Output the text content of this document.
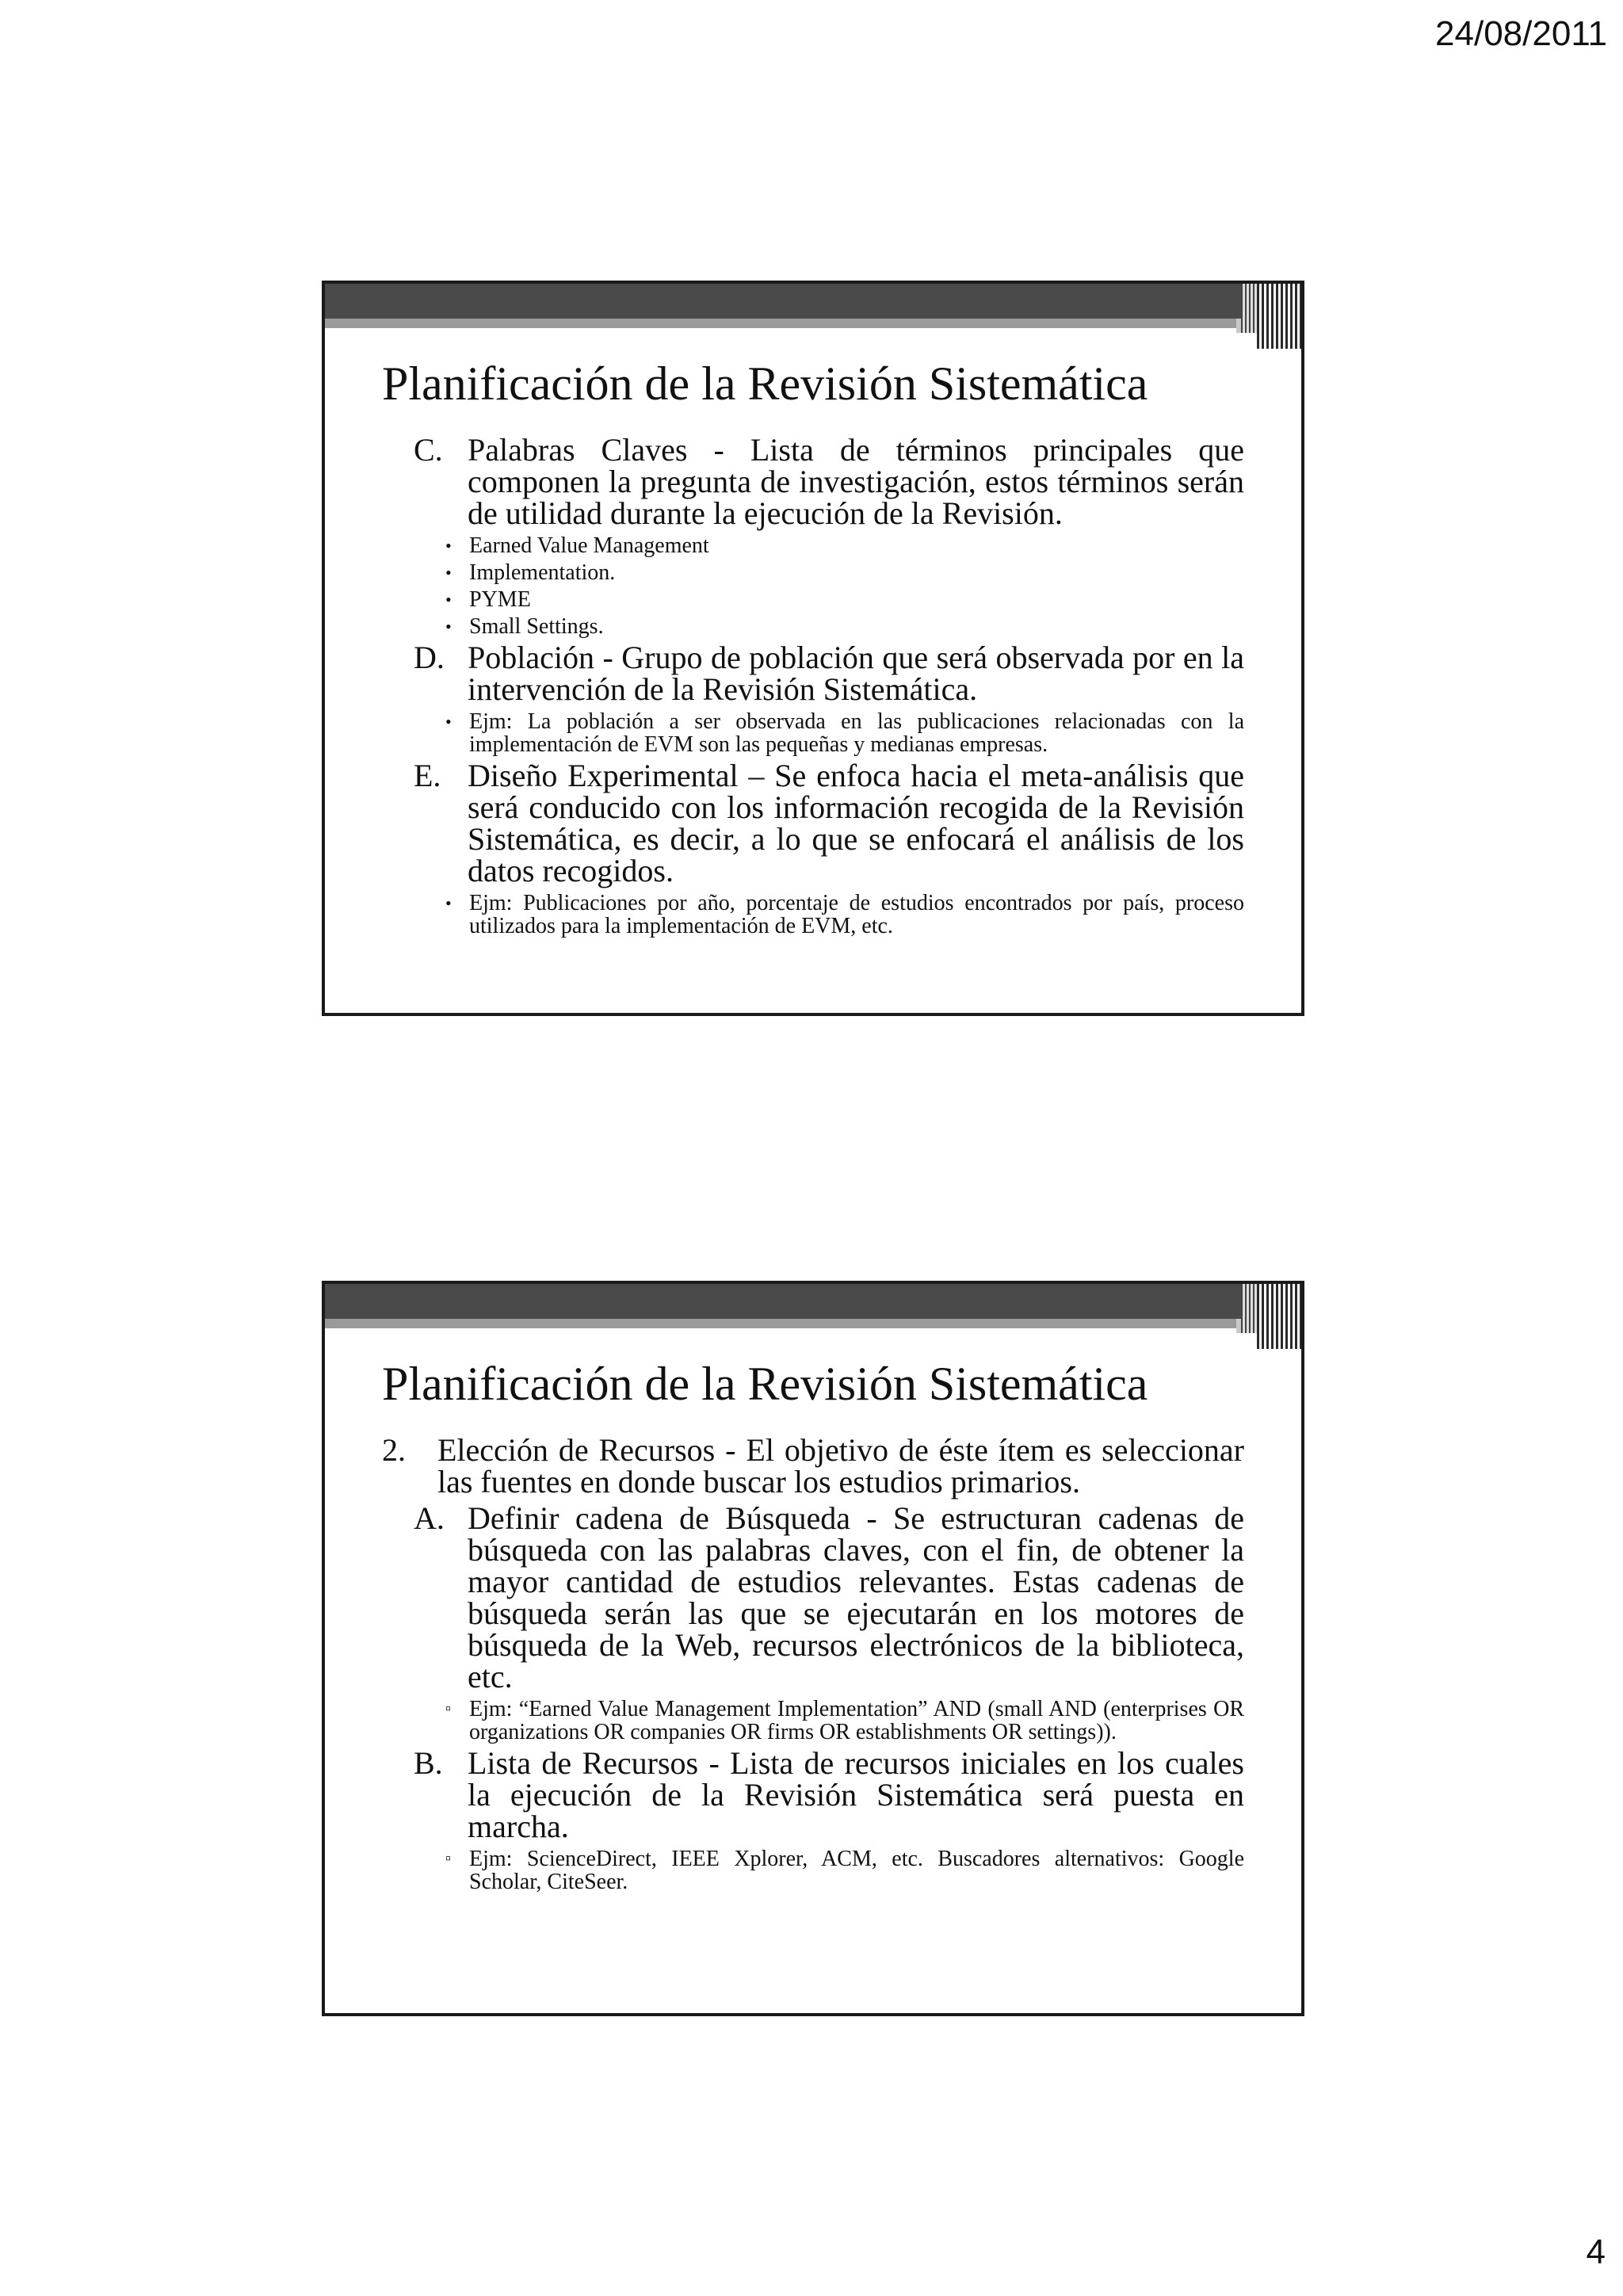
24/08/2011
Planificación de la Revisión Sistemática
C. Palabras Claves - Lista de términos principales que componen la pregunta de investigación, estos términos serán de utilidad durante la ejecución de la Revisión.
• Earned Value Management
• Implementation.
• PYME
• Small Settings.
D. Población - Grupo de población que será observada por en la intervención de la Revisión Sistemática.
• Ejm: La población a ser observada en las publicaciones relacionadas con la implementación de EVM son las pequeñas y medianas empresas.
E. Diseño Experimental – Se enfoca hacia el meta-análisis que será conducido con los información recogida de la Revisión Sistemática, es decir, a lo que se enfocará el análisis de los datos recogidos.
• Ejm: Publicaciones por año, porcentaje de estudios encontrados por país, proceso utilizados para la implementación de EVM, etc.
Planificación de la Revisión Sistemática
2.	Elección de Recursos - El objetivo de éste ítem es seleccionar las fuentes en donde buscar los estudios primarios.
A. Definir cadena de Búsqueda - Se estructuran cadenas de búsqueda con las palabras claves, con el fin, de obtener la mayor cantidad de estudios relevantes. Estas cadenas de búsqueda serán las que se ejecutarán en los motores de búsqueda de la Web, recursos electrónicos de la biblioteca, etc.
▫ Ejm: “Earned Value Management Implementation” AND (small AND (enterprises OR organizations OR companies OR firms OR establishments OR settings)).
B. Lista de Recursos - Lista de recursos iniciales en los cuales la ejecución de la Revisión Sistemática será puesta en marcha.
▫ Ejm: ScienceDirect, IEEE Xplorer, ACM, etc. Buscadores alternativos: Google Scholar, CiteSeer.
4
